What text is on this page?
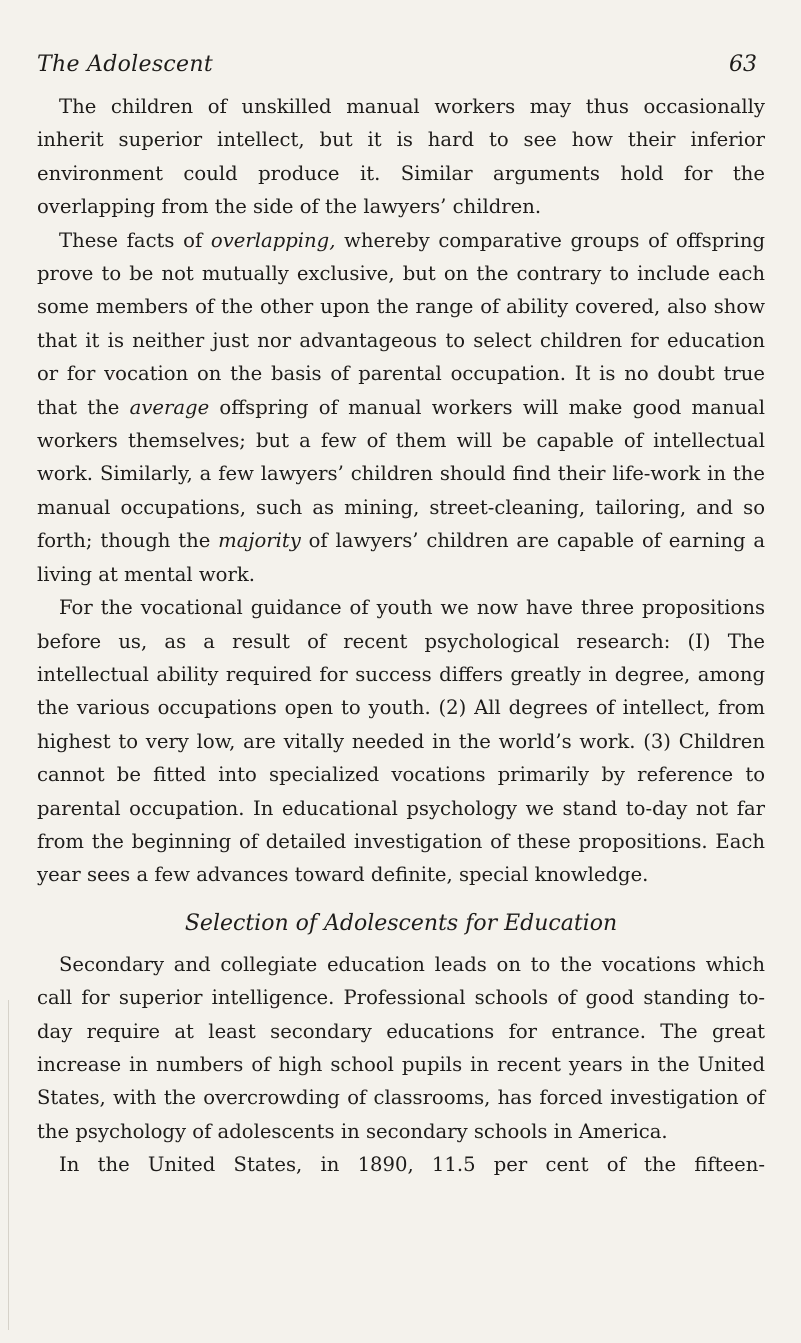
The Adolescent	63

The children of unskilled manual workers may thus occasionally inherit superior intellect, but it is hard to see how their inferior environment could produce it. Similar arguments hold for the overlapping from the side of the lawyers’ children.

These facts of overlapping, whereby comparative groups of offspring prove to be not mutually exclusive, but on the contrary to include each some members of the other upon the range of ability covered, also show that it is neither just nor advantageous to select children for education or for vocation on the basis of parental occupation. It is no doubt true that the average offspring of manual workers will make good manual workers themselves; but a few of them will be capable of intellectual work. Similarly, a few lawyers’ children should find their life-work in the manual occupations, such as mining, street-cleaning, tailoring, and so forth; though the majority of lawyers’ children are capable of earning a living at mental work.

For the vocational guidance of youth we now have three propositions before us, as a result of recent psychological research: (I) The intellectual ability required for success differs greatly in degree, among the various occupations open to youth. (2) All degrees of intellect, from highest to very low, are vitally needed in the world’s work. (3) Children cannot be fitted into specialized vocations primarily by reference to parental occupation. In educational psychology we stand to-day not far from the beginning of detailed investigation of these propositions. Each year sees a few advances toward definite, special knowledge.

Selection of Adolescents for Education

Secondary and collegiate education leads on to the vocations which call for superior intelligence. Professional schools of good standing to-day require at least secondary educations for entrance. The great increase in numbers of high school pupils in recent years in the United States, with the overcrowding of classrooms, has forced investigation of the psychology of adolescents in secondary schools in America.

In the United States, in 1890, 11.5 per cent of the fifteen-
